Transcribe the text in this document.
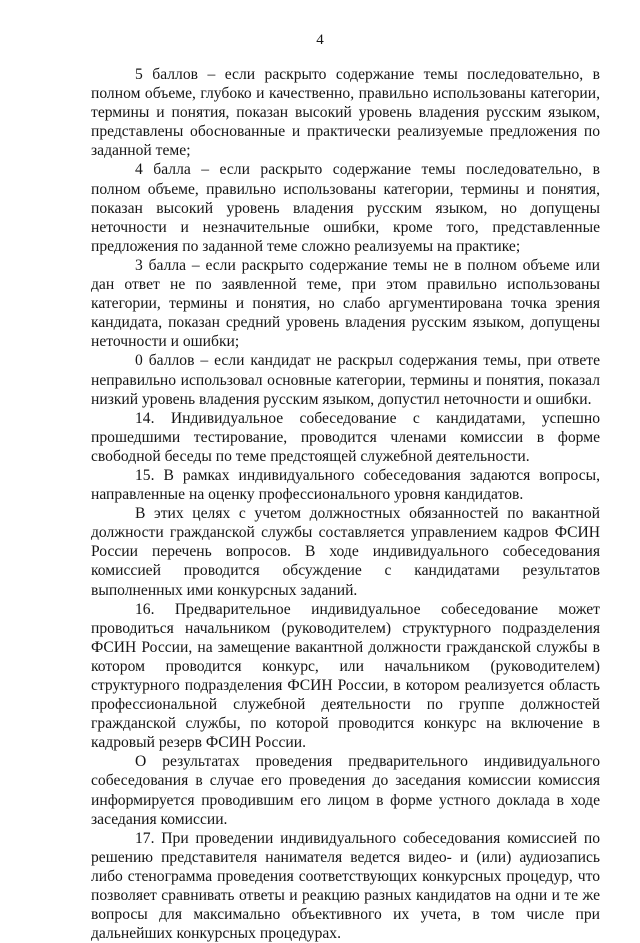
4

5 баллов – если раскрыто содержание темы последовательно, в полном объеме, глубоко и качественно, правильно использованы категории, термины и понятия, показан высокий уровень владения русским языком, представлены обоснованные и практически реализуемые предложения по заданной теме;

4 балла – если раскрыто содержание темы последовательно, в полном объеме, правильно использованы категории, термины и понятия, показан высокий уровень владения русским языком, но допущены неточности и незначительные ошибки, кроме того, представленные предложения по заданной теме сложно реализуемы на практике;

3 балла – если раскрыто содержание темы не в полном объеме или дан ответ не по заявленной теме, при этом правильно использованы категории, термины и понятия, но слабо аргументирована точка зрения кандидата, показан средний уровень владения русским языком, допущены неточности и ошибки;

0 баллов – если кандидат не раскрыл содержания темы, при ответе неправильно использовал основные категории, термины и понятия, показал низкий уровень владения русским языком, допустил неточности и ошибки.

14. Индивидуальное собеседование с кандидатами, успешно прошедшими тестирование, проводится членами комиссии в форме свободной беседы по теме предстоящей служебной деятельности.

15. В рамках индивидуального собеседования задаются вопросы, направленные на оценку профессионального уровня кандидатов.

В этих целях с учетом должностных обязанностей по вакантной должности гражданской службы составляется управлением кадров ФСИН России перечень вопросов. В ходе индивидуального собеседования комиссией проводится обсуждение с кандидатами результатов выполненных ими конкурсных заданий.

16. Предварительное индивидуальное собеседование может проводиться начальником (руководителем) структурного подразделения ФСИН России, на замещение вакантной должности гражданской службы в котором проводится конкурс, или начальником (руководителем) структурного подразделения ФСИН России, в котором реализуется область профессиональной служебной деятельности по группе должностей гражданской службы, по которой проводится конкурс на включение в кадровый резерв ФСИН России.

О результатах проведения предварительного индивидуального собеседования в случае его проведения до заседания комиссии комиссия информируется проводившим его лицом в форме устного доклада в ходе заседания комиссии.

17. При проведении индивидуального собеседования комиссией по решению представителя нанимателя ведется видео- и (или) аудиозапись либо стенограмма проведения соответствующих конкурсных процедур, что позволяет сравнивать ответы и реакцию разных кандидатов на одни и те же вопросы для максимально объективного их учета, в том числе при дальнейших конкурсных процедурах.
